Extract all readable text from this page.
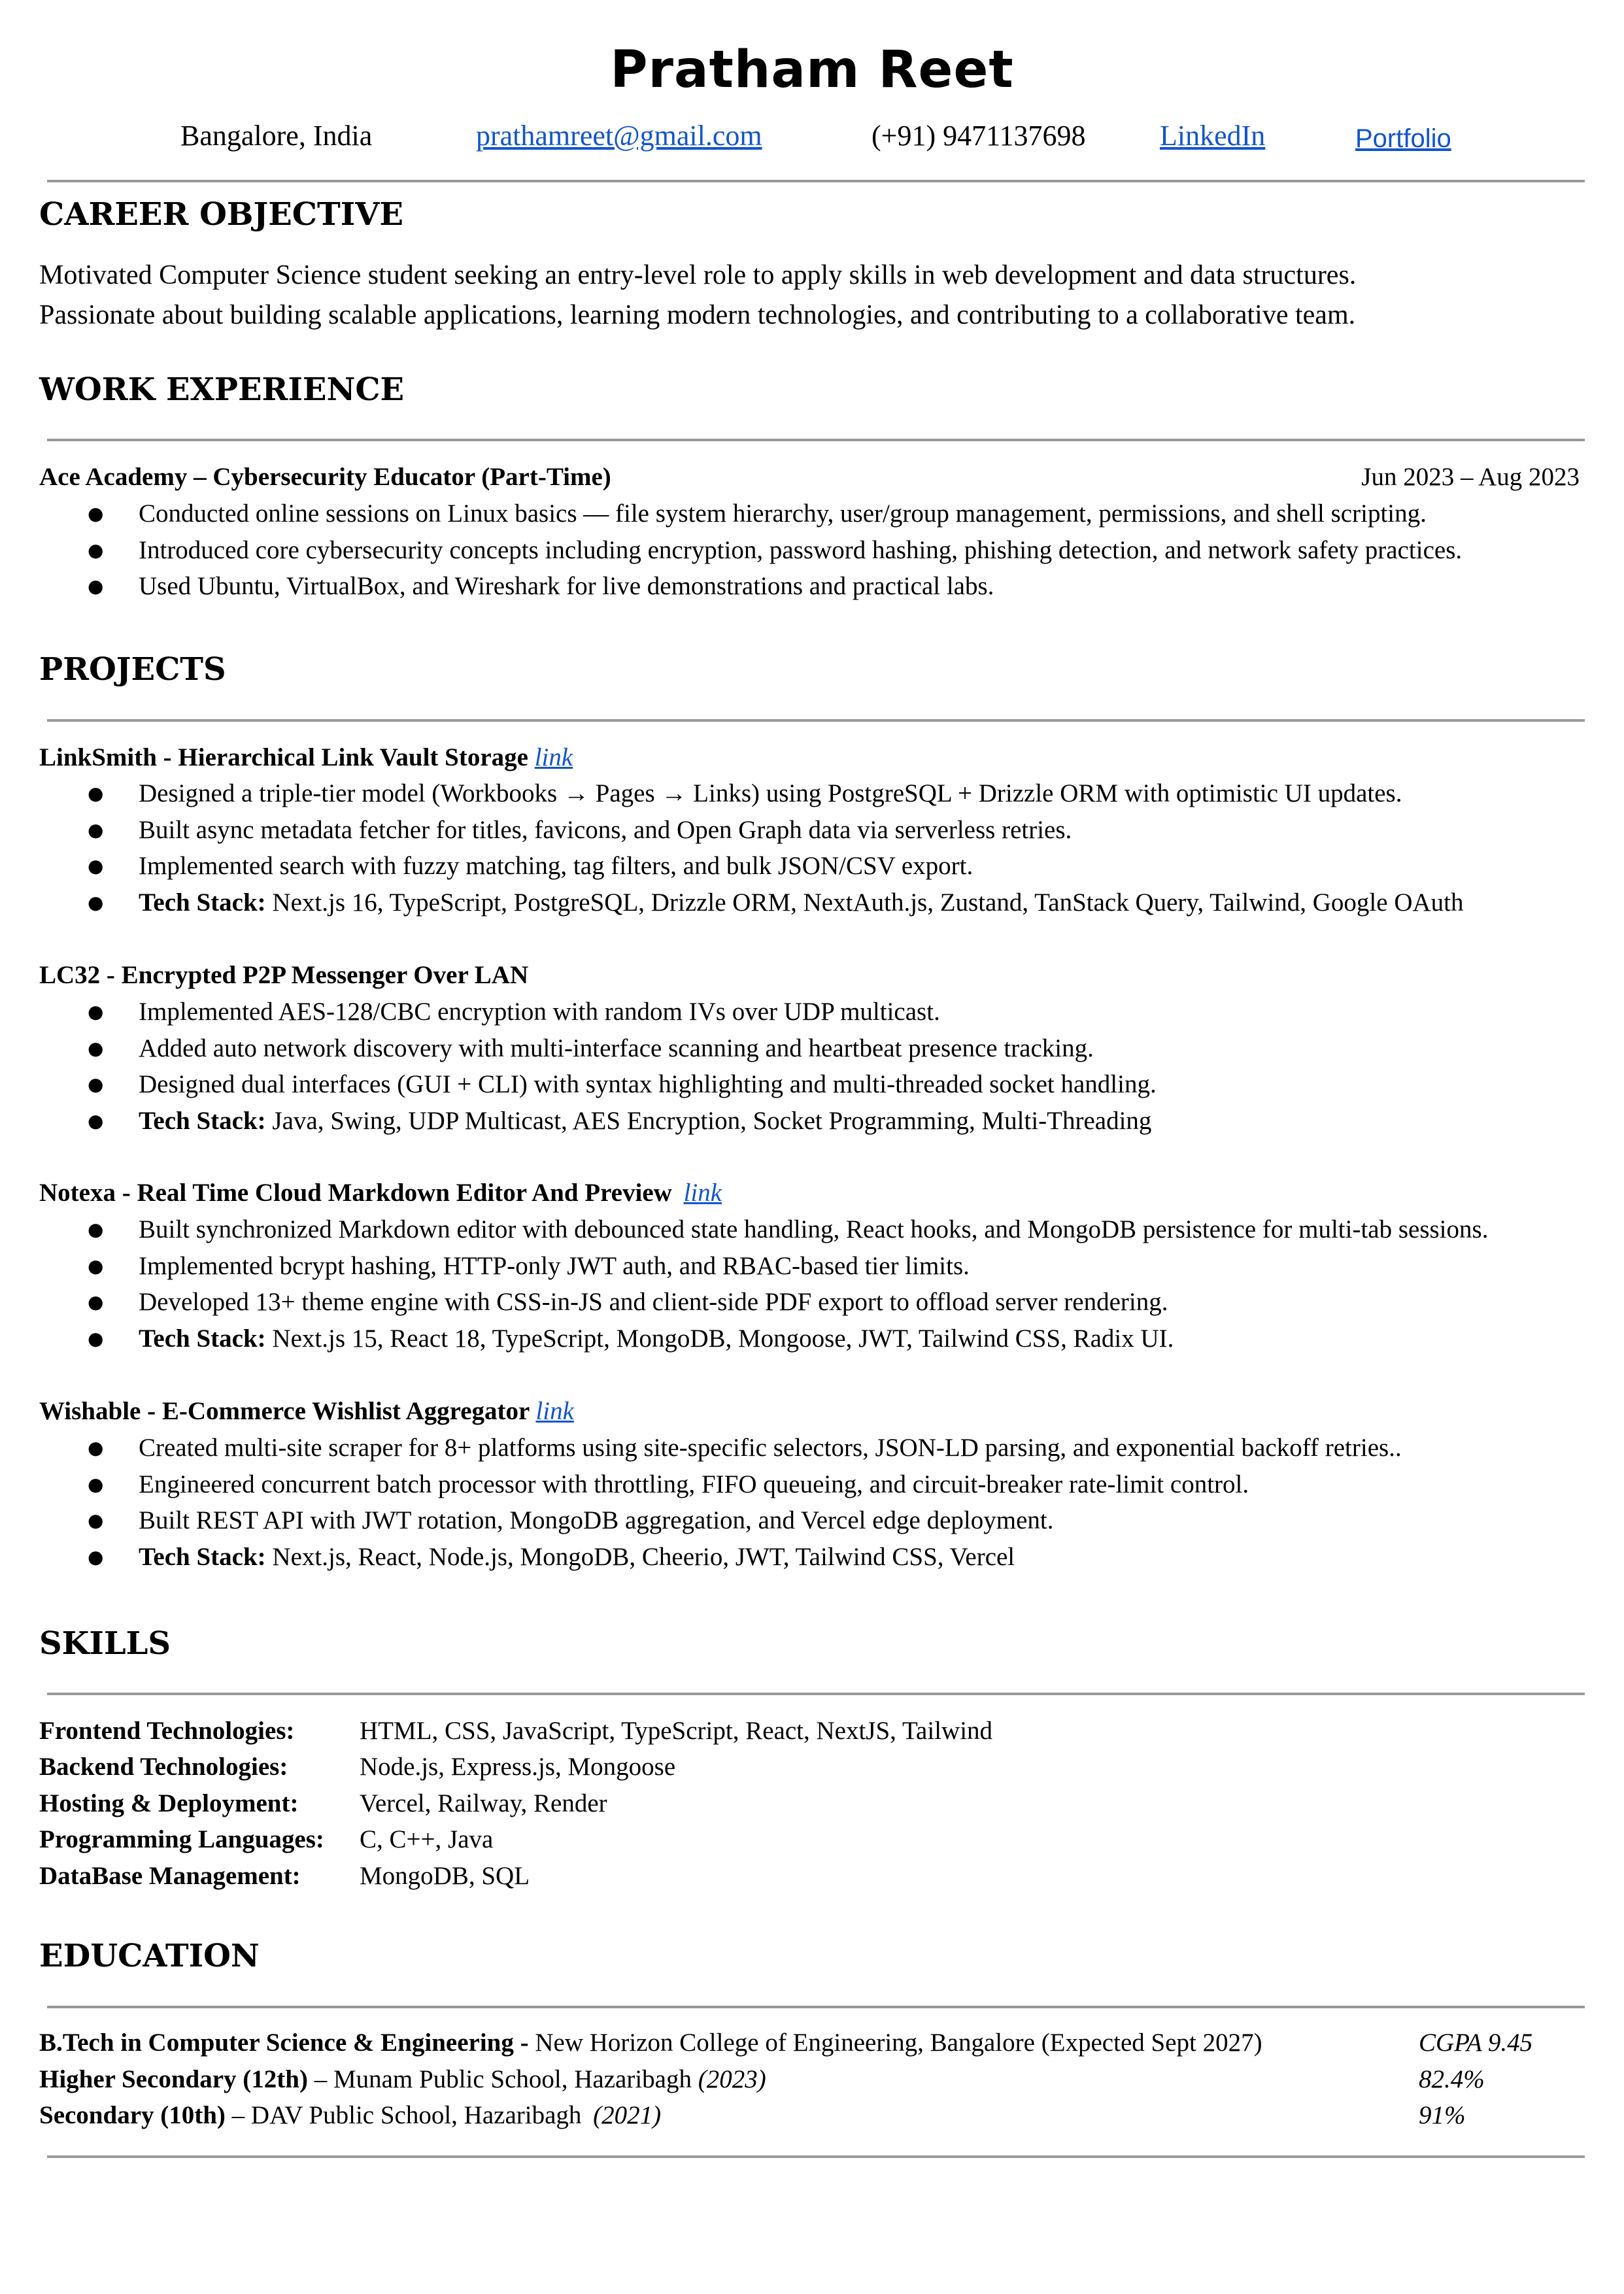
Pratham Reet
Bangalore, India	prathamreet@gmail.com	(+91) 9471137698	LinkedIn	Portfolio
CAREER OBJECTIVE
Motivated Computer Science student seeking an entry-level role to apply skills in web development and data structures.
Passionate about building scalable applications, learning modern technologies, and contributing to a collaborative team.
WORK EXPERIENCE
Ace Academy – Cybersecurity Educator (Part-Time)	Jun 2023 – Aug 2023
● Conducted online sessions on Linux basics — file system hierarchy, user/group management, permissions, and shell scripting.
● Introduced core cybersecurity concepts including encryption, password hashing, phishing detection, and network safety practices.
● Used Ubuntu, VirtualBox, and Wireshark for live demonstrations and practical labs.
PROJECTS
LinkSmith - Hierarchical Link Vault Storage link
● Designed a triple-tier model (Workbooks → Pages → Links) using PostgreSQL + Drizzle ORM with optimistic UI updates.
● Built async metadata fetcher for titles, favicons, and Open Graph data via serverless retries.
● Implemented search with fuzzy matching, tag filters, and bulk JSON/CSV export.
● Tech Stack: Next.js 16, TypeScript, PostgreSQL, Drizzle ORM, NextAuth.js, Zustand, TanStack Query, Tailwind, Google OAuth
LC32 - Encrypted P2P Messenger Over LAN
● Implemented AES-128/CBC encryption with random IVs over UDP multicast.
● Added auto network discovery with multi-interface scanning and heartbeat presence tracking.
● Designed dual interfaces (GUI + CLI) with syntax highlighting and multi-threaded socket handling.
● Tech Stack: Java, Swing, UDP Multicast, AES Encryption, Socket Programming, Multi-Threading
Notexa - Real Time Cloud Markdown Editor And Preview link
● Built synchronized Markdown editor with debounced state handling, React hooks, and MongoDB persistence for multi-tab sessions.
● Implemented bcrypt hashing, HTTP-only JWT auth, and RBAC-based tier limits.
● Developed 13+ theme engine with CSS-in-JS and client-side PDF export to offload server rendering.
● Tech Stack: Next.js 15, React 18, TypeScript, MongoDB, Mongoose, JWT, Tailwind CSS, Radix UI.
Wishable - E-Commerce Wishlist Aggregator link
● Created multi-site scraper for 8+ platforms using site-specific selectors, JSON-LD parsing, and exponential backoff retries..
● Engineered concurrent batch processor with throttling, FIFO queueing, and circuit-breaker rate-limit control.
● Built REST API with JWT rotation, MongoDB aggregation, and Vercel edge deployment.
● Tech Stack: Next.js, React, Node.js, MongoDB, Cheerio, JWT, Tailwind CSS, Vercel
SKILLS
Frontend Technologies:	HTML, CSS, JavaScript, TypeScript, React, NextJS, Tailwind
Backend Technologies:	Node.js, Express.js, Mongoose
Hosting & Deployment: Vercel, Railway, Render
Programming Languages: C, C++, Java
DataBase Management: MongoDB, SQL
EDUCATION
B.Tech in Computer Science & Engineering - New Horizon College of Engineering, Bangalore (Expected Sept 2027)	CGPA 9.45
Higher Secondary (12th) – Munam Public School, Hazaribagh (2023)	82.4%
Secondary (10th) – DAV Public School, Hazaribagh (2021)	91%
